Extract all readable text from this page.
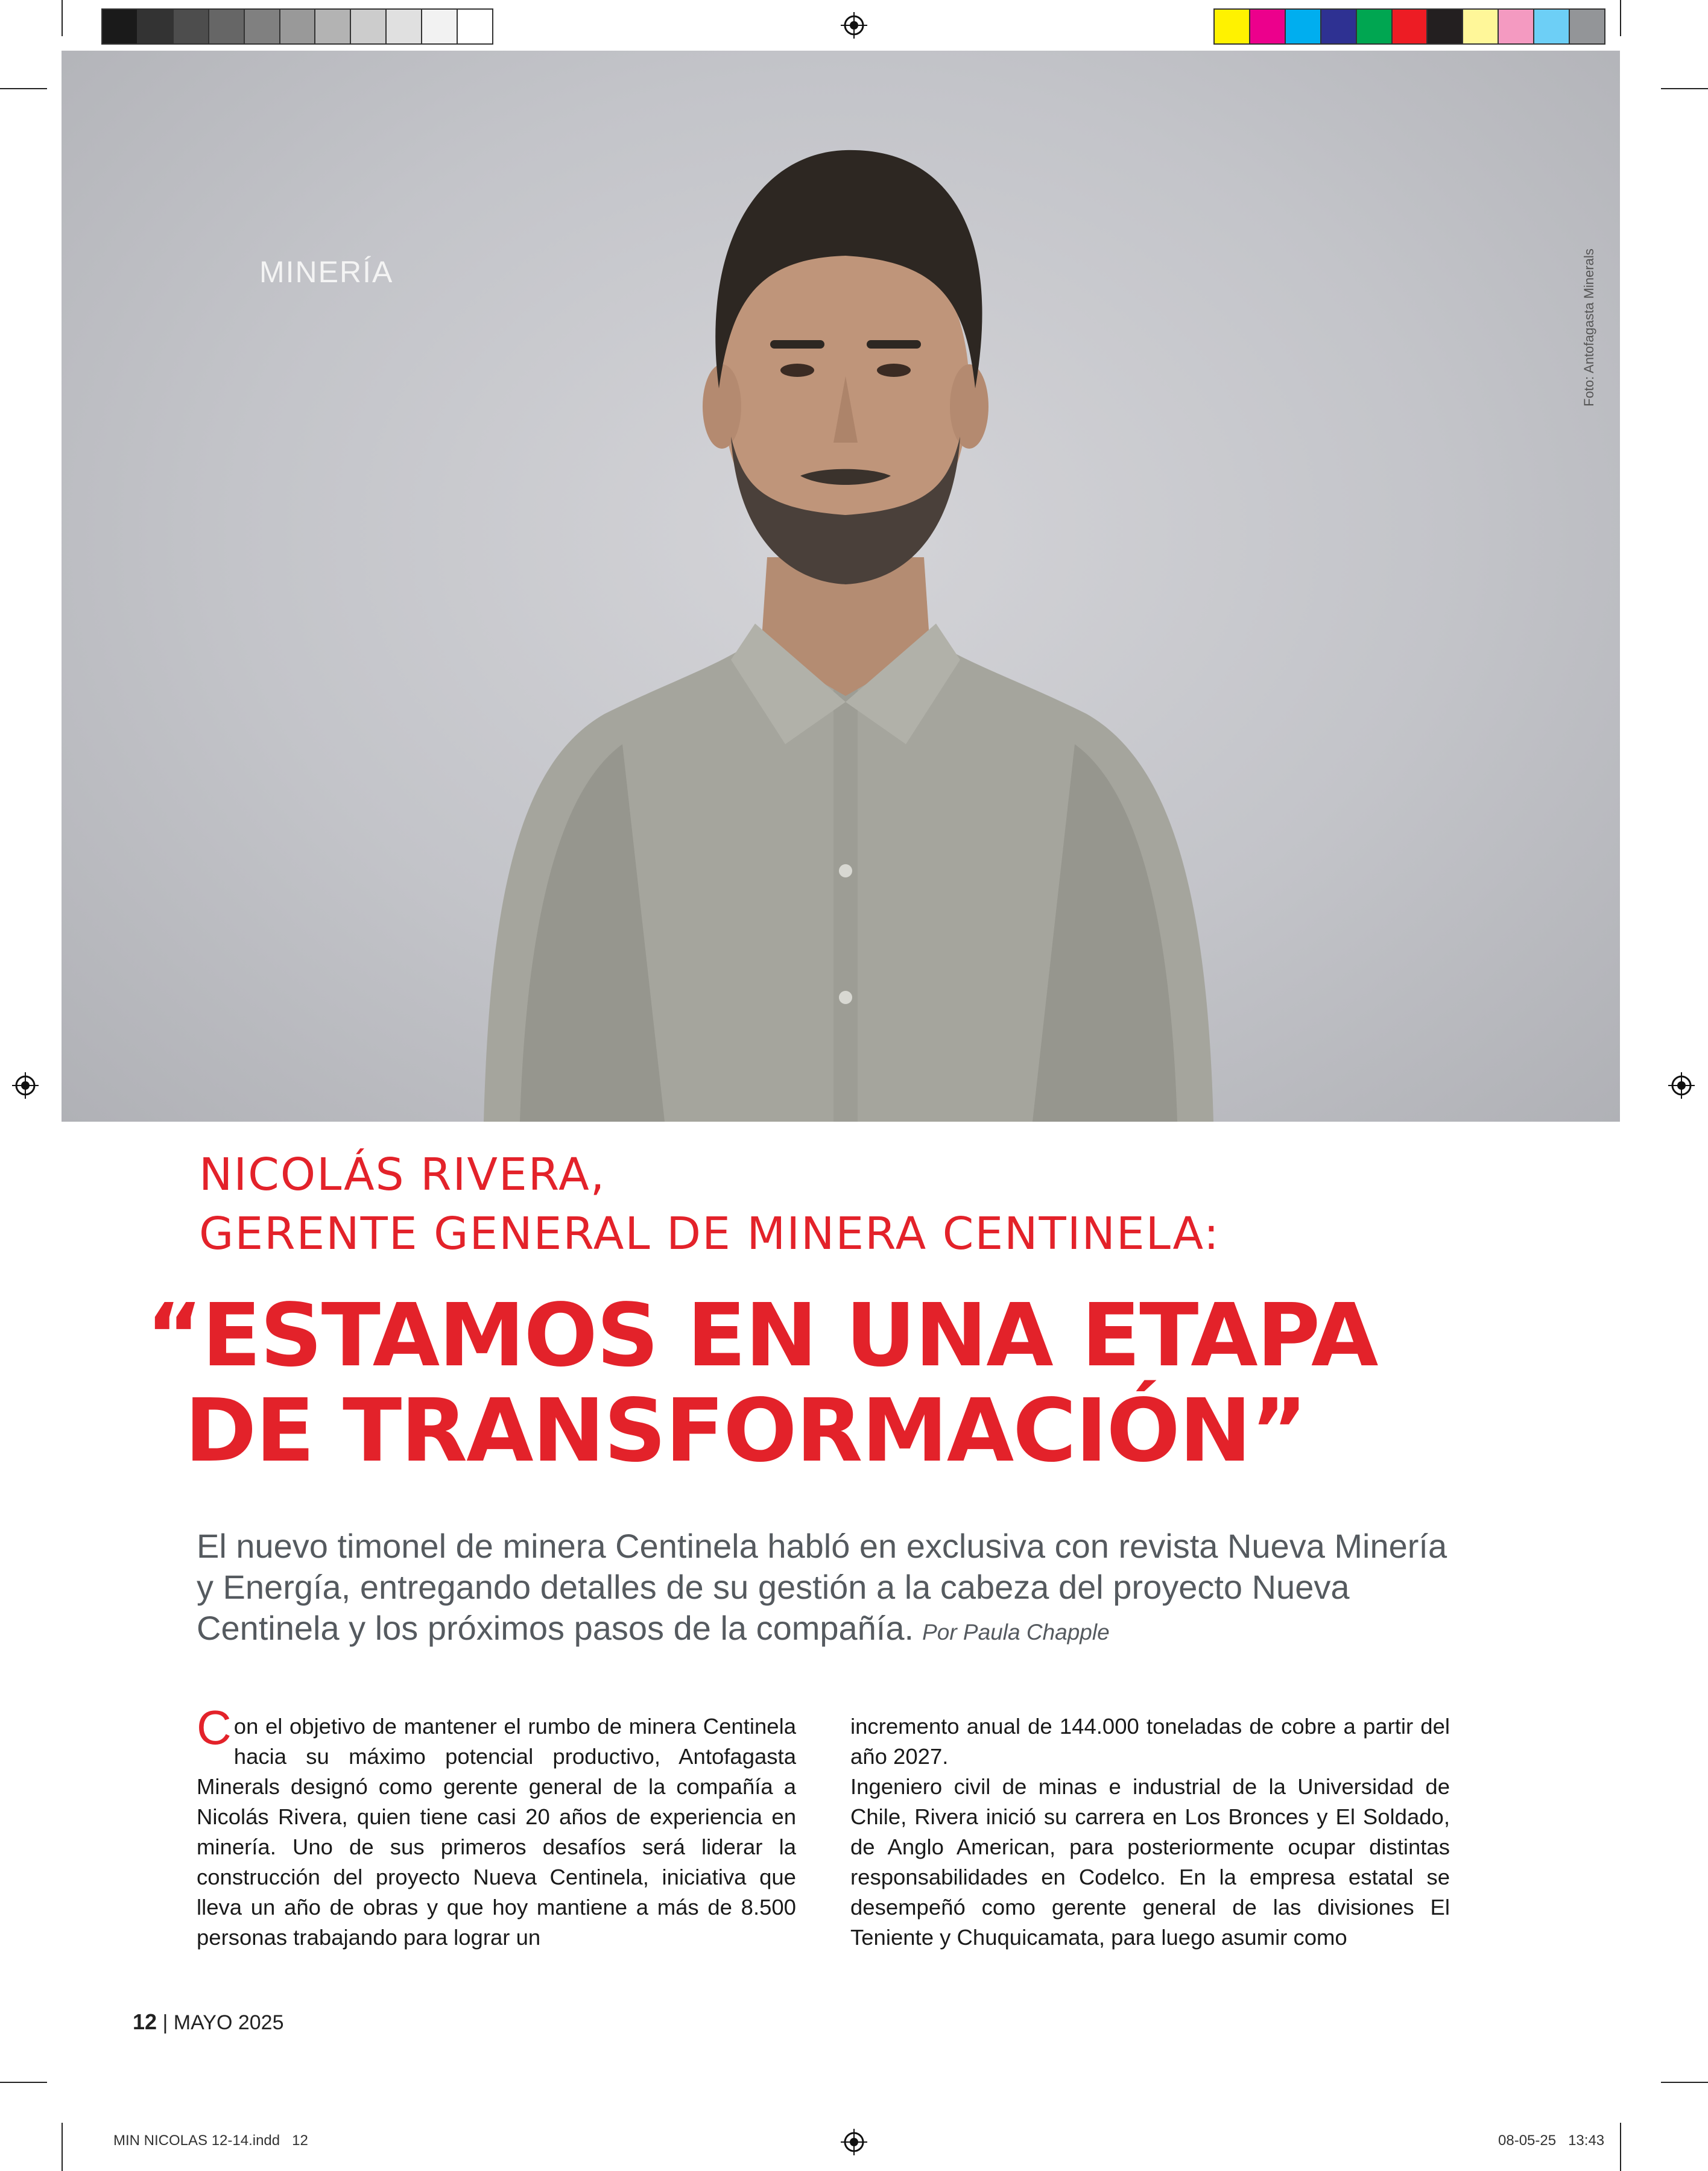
MINERÍA	Foto: Antofagasta Minerals
NICOLÁS RIVERA,
GERENTE GENERAL DE MINERA CENTINELA:
“ESTAMOS EN UNA ETAPA
DE TRANSFORMACIÓN”
El nuevo timonel de minera Centinela habló en exclusiva con revista Nueva Minería y Energía, entregando detalles de su gestión a la cabeza del proyecto Nueva Centinela y los próximos pasos de la compañía. Por Paula Chapple

Con el objetivo de mantener el rumbo de minera Centinela hacia su máximo potencial productivo, Antofagasta Minerals designó como gerente general de la compañía a Nicolás Rivera, quien tiene casi 20 años de experiencia en minería. Uno de sus primeros desafíos será liderar la construcción del proyecto Nueva Centinela, iniciativa que lleva un año de obras y que hoy mantiene a más de 8.500 personas trabajando para lograr un

incremento anual de 144.000 toneladas de cobre a partir del año 2027.

Ingeniero civil de minas e industrial de la Universidad de Chile, Rivera inició su carrera en Los Bronces y El Soldado, de Anglo American, para posteriormente ocupar distintas responsabilidades en Codelco. En la empresa estatal se desempeñó como gerente general de las divisiones El Teniente y Chuquicamata, para luego asumir como

12 | MAYO 2025
MIN NICOLAS 12-14.indd   12	08-05-25   13:43
